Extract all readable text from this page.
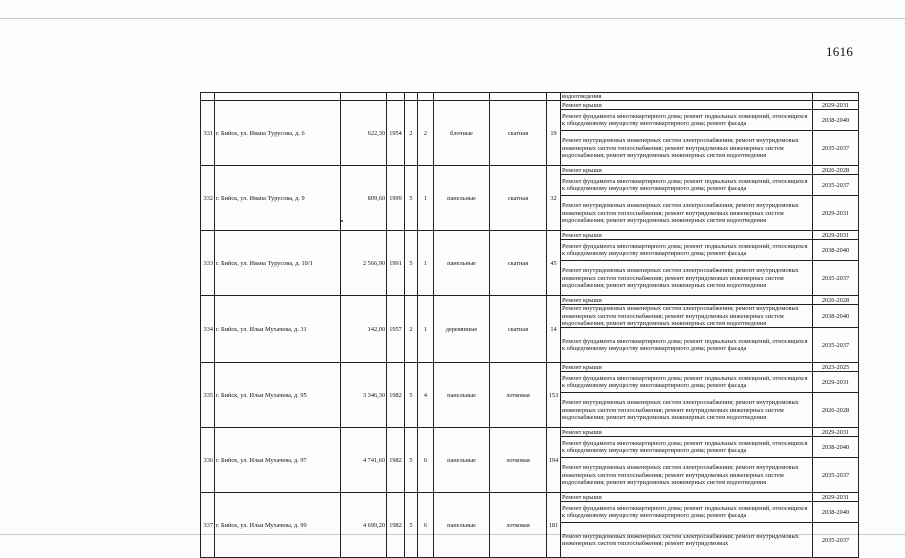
1616
									водоотведения	
331	г. Бийск, ул. Ивана Турусова, д. 6	622,30	1954	2	2	блочные	скатная	19	Ремонт крыши	2029-2031
									Ремонт фундамента многоквартирного дома; ремонт подвальных помещений, относящихся к общедомовому имуществу многоквартирного дома; ремонт фасада	2038-2040
									Ремонт внутридомовых инженерных систем электроснабжения; ремонт внутридомовых инженерных систем теплоснабжения; ремонт внутридомовых инженерных систем водоснабжения; ремонт внутридомовых инженерных систем водоотведения	2035-2037
332	г. Бийск, ул. Ивана Турусова, д. 9	809,60	1999	5	1	панельные	скатная	32	Ремонт крыши	2026-2028
									Ремонт фундамента многоквартирного дома; ремонт подвальных помещений, относящихся к общедомовому имуществу многоквартирного дома; ремонт фасада	2035-2037
									Ремонт внутридомовых инженерных систем электроснабжения; ремонт внутридомовых инженерных систем теплоснабжения; ремонт внутридомовых инженерных систем водоснабжения; ремонт внутридомовых инженерных систем водоотведения	2029-2031
333	г. Бийск, ул. Ивана Турусова, д. 10/1	2 566,90	1991	5	1	панельные	скатная	45	Ремонт крыши	2029-2031
									Ремонт фундамента многоквартирного дома; ремонт подвальных помещений, относящихся к общедомовому имуществу многоквартирного дома; ремонт фасада	2038-2040
									Ремонт внутридомовых инженерных систем электроснабжения; ремонт внутридомовых инженерных систем теплоснабжения; ремонт внутридомовых инженерных систем водоснабжения; ремонт внутридомовых инженерных систем водоотведения	2035-2037
334	г. Бийск, ул. Ильи Мухачева, д. 31	142,00	1957	2	1	деревянные	скатная	14	Ремонт крыши	2026-2028
									Ремонт внутридомовых инженерных систем электроснабжения; ремонт внутридомовых инженерных систем теплоснабжения; ремонт внутридомовых инженерных систем водоснабжения; ремонт внутридомовых инженерных систем водоотведения	2038-2040
									Ремонт фундамента многоквартирного дома; ремонт подвальных помещений, относящихся к общедомовому имуществу многоквартирного дома; ремонт фасада	2035-2037
335	г. Бийск, ул. Ильи Мухачева, д. 95	3 346,30	1982	5	4	панельные	лотковая	153	Ремонт крыши	2023-2025
									Ремонт фундамента многоквартирного дома; ремонт подвальных помещений, относящихся к общедомовому имуществу многоквартирного дома; ремонт фасада	2029-2031
									Ремонт внутридомовых инженерных систем электроснабжения; ремонт внутридомовых инженерных систем теплоснабжения; ремонт внутридомовых инженерных систем водоснабжения; ремонт внутридомовых инженерных систем водоотведения	2026-2028
336	г. Бийск, ул. Ильи Мухачева, д. 97	4 741,60	1982	5	6	панельные	лотковая	194	Ремонт крыши	2029-2031
									Ремонт фундамента многоквартирного дома; ремонт подвальных помещений, относящихся к общедомовому имуществу многоквартирного дома; ремонт фасада	2038-2040
									Ремонт внутридомовых инженерных систем электроснабжения; ремонт внутридомовых инженерных систем теплоснабжения; ремонт внутридомовых инженерных систем водоснабжения; ремонт внутридомовых инженерных систем водоотведения	2035-2037
337	г. Бийск, ул. Ильи Мухачева, д. 99	4 699,20	1982	5	6	панельные	лотковая	181	Ремонт крыши	2029-2031
									Ремонт фундамента многоквартирного дома; ремонт подвальных помещений, относящихся к общедомовому имуществу многоквартирного дома; ремонт фасада	2038-2040
									Ремонт внутридомовых инженерных систем электроснабжения; ремонт внутридомовых инженерных систем теплоснабжения; ремонт внутридомовых	2035-2037
